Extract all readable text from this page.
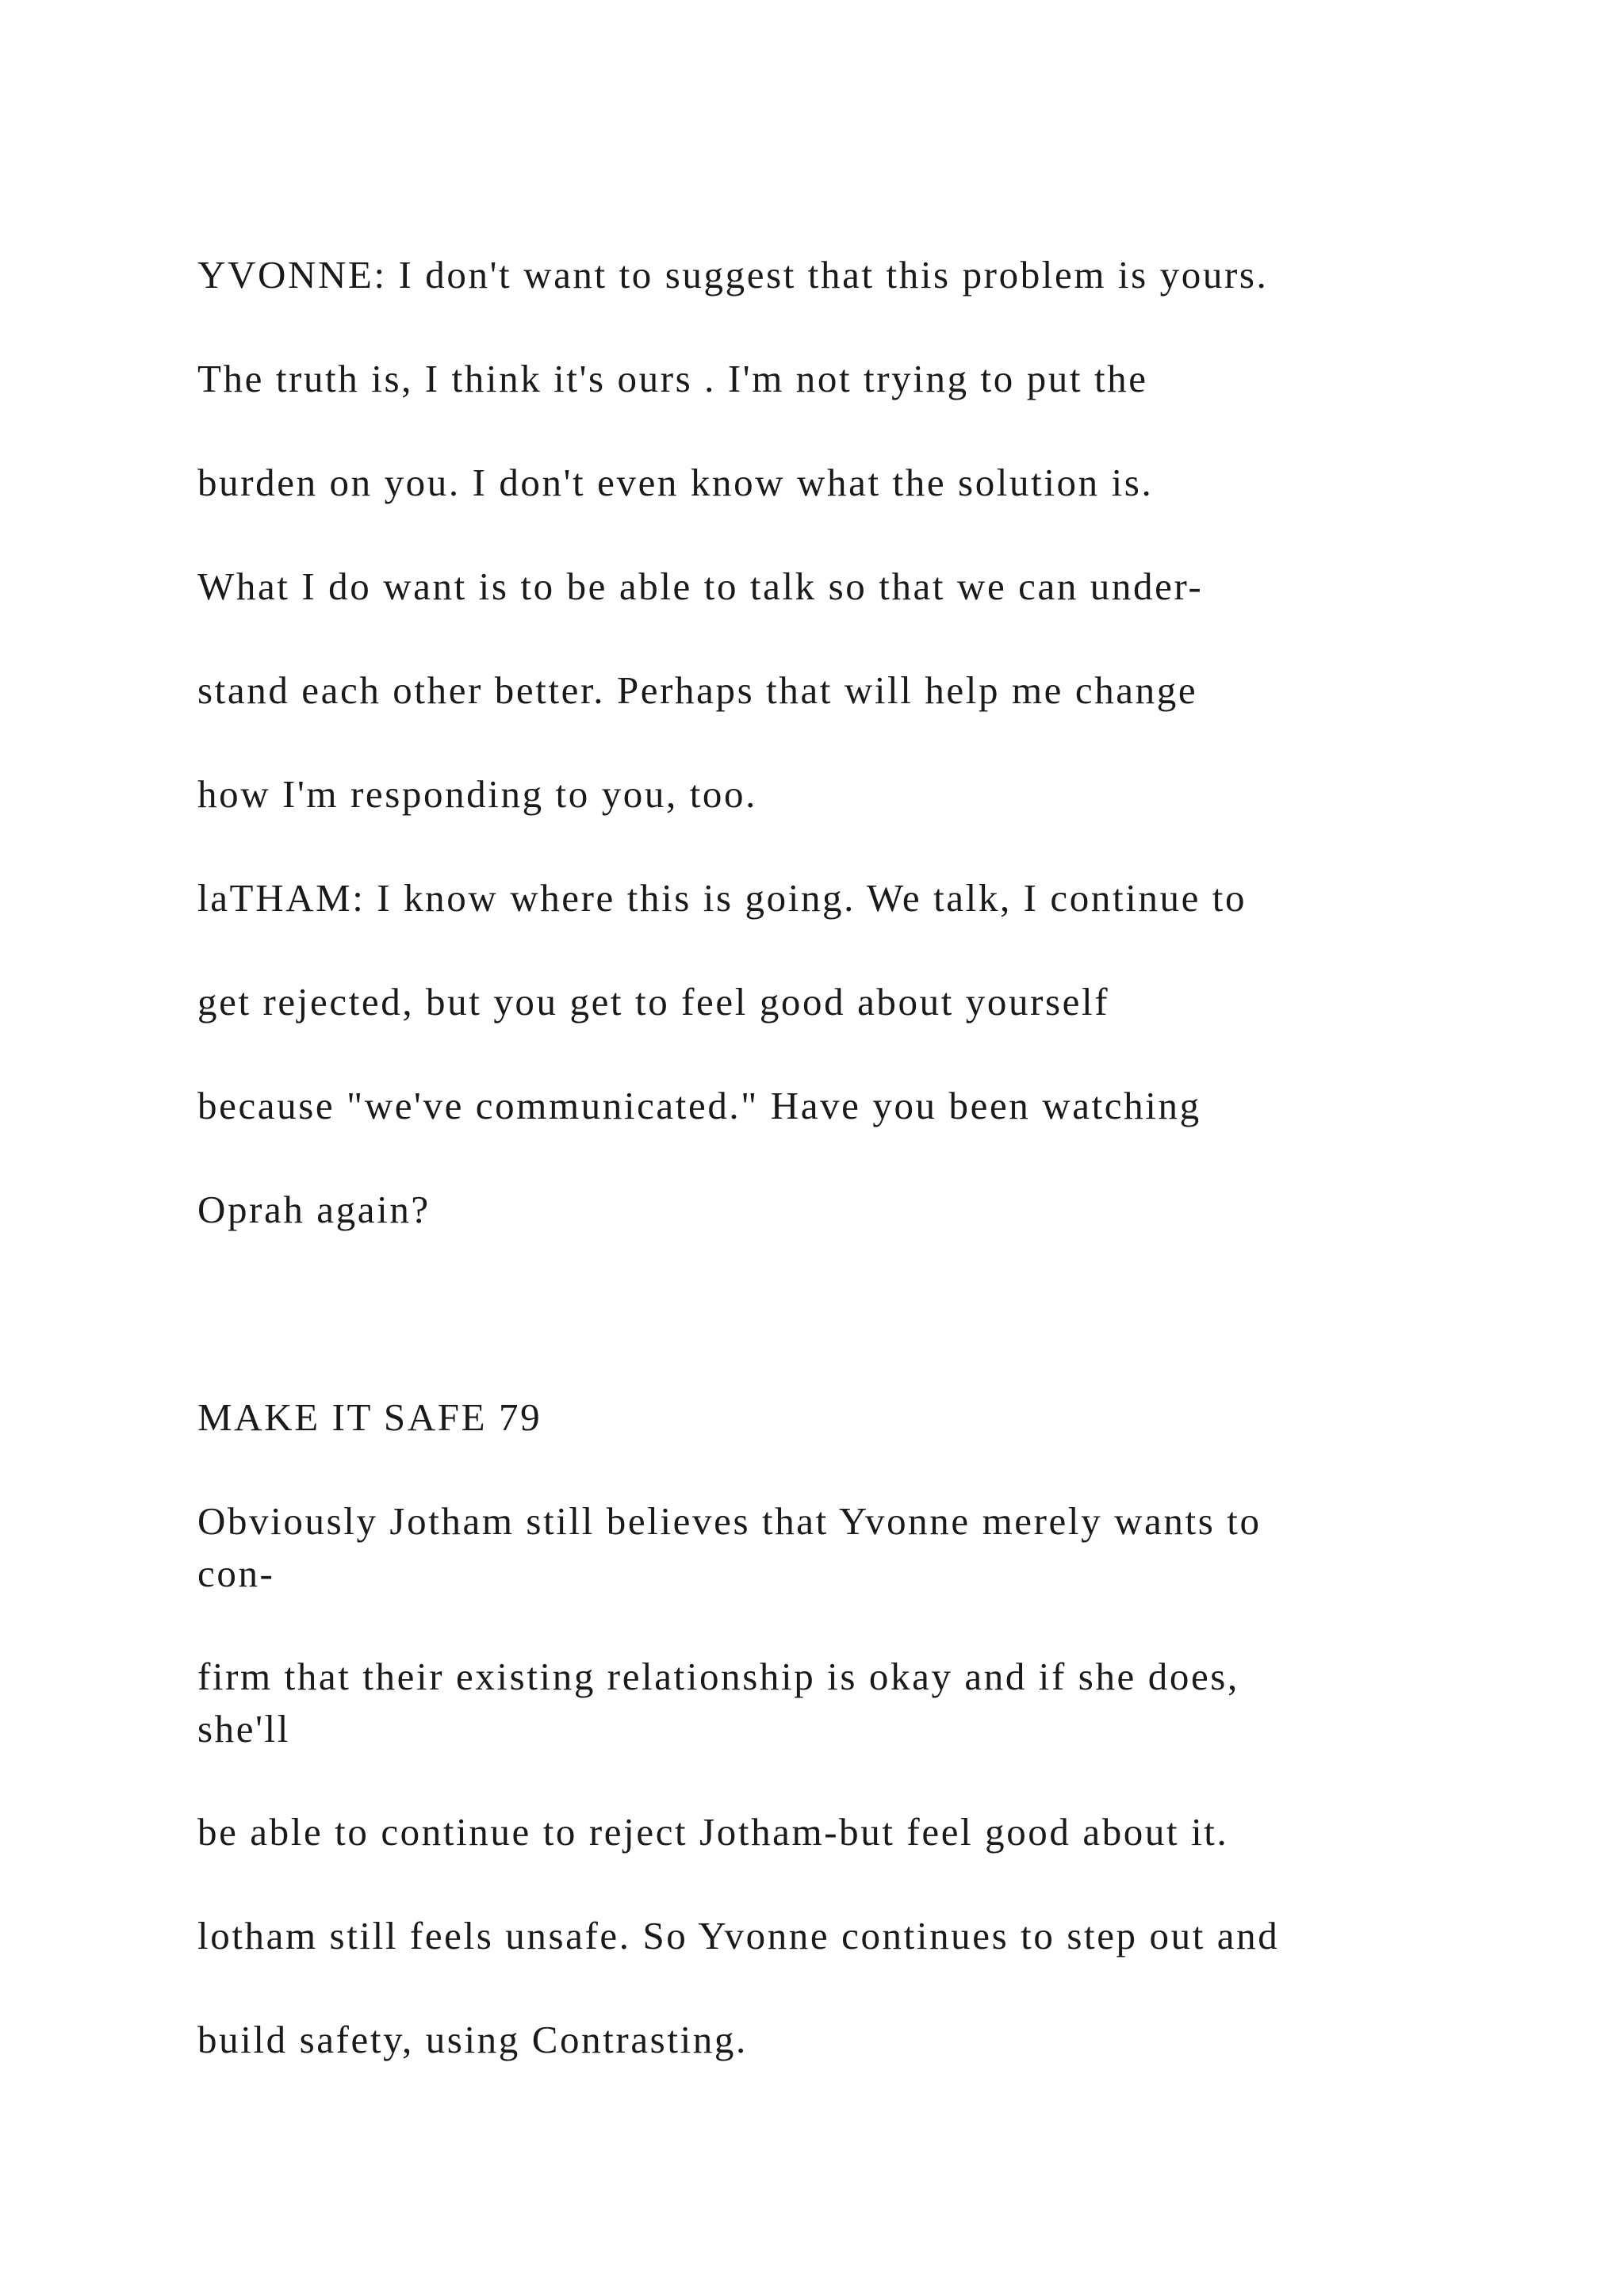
YVONNE: I don't want to suggest that this problem is yours.
The truth is, I think it's ours . I'm not trying to put the
burden on you. I don't even know what the solution is.
What I do want is to be able to talk so that we can under-
stand each other better. Perhaps that will help me change
how I'm responding to you, too.
laTHAM: I know where this is going. We talk, I continue to
get rejected, but you get to feel good about yourself
because "we've communicated." Have you been watching
Oprah again?
MAKE IT SAFE 79
Obviously Jotham still believes that Yvonne merely wants to
con-
firm that their existing relationship is okay and if she does,
she'll
be able to continue to reject Jotham-but feel good about it.
lotham still feels unsafe. So Yvonne continues to step out and
build safety, using Contrasting.
